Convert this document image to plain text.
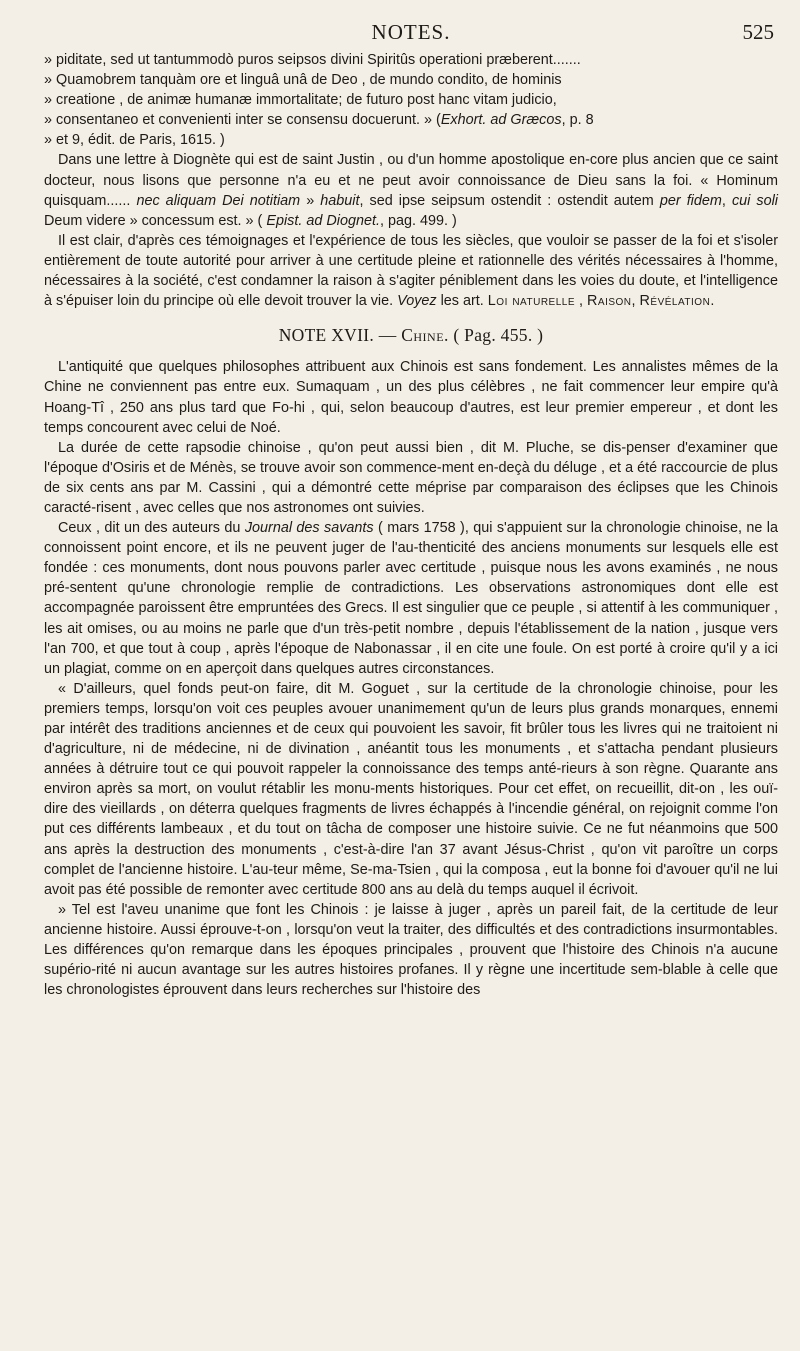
NOTES.	525

» piditate, sed ut tantummodò puros seipsos divini Spiritûs operationi præberent.......
» Quamobrem tanquàm ore et linguâ unâ de Deo , de mundo condito, de hominis
» creatione , de animæ humanæ immortalitate; de futuro post hanc vitam judicio,
» consentaneo et convenienti inter se consensu docuerunt. » (Exhort. ad Græcos, p. 8
» et 9, édit. de Paris, 1615. )

Dans une lettre à Diognète qui est de saint Justin , ou d'un homme apostolique en-core plus ancien que ce saint docteur, nous lisons que personne n'a eu et ne peut avoir connoissance de Dieu sans la foi. « Hominum quisquam...... nec aliquam Dei notitiam » habuit, sed ipse seipsum ostendit : ostendit autem per fidem, cui soli Deum videre » concessum est. » ( Epist. ad Diognet., pag. 499. )

Il est clair, d'après ces témoignages et l'expérience de tous les siècles, que vouloir se passer de la foi et s'isoler entièrement de toute autorité pour arriver à une certitude pleine et rationnelle des vérités nécessaires à l'homme, nécessaires à la société, c'est condamner la raison à s'agiter péniblement dans les voies du doute, et l'intelligence à s'épuiser loin du principe où elle devoit trouver la vie. Voyez les art. Loi naturelle , Raison, Révélation.

NOTE XVII. — Chine. ( Pag. 455. )

L'antiquité que quelques philosophes attribuent aux Chinois est sans fondement. Les annalistes mêmes de la Chine ne conviennent pas entre eux. Sumaquam , un des plus célèbres , ne fait commencer leur empire qu'à Hoang-Tî , 250 ans plus tard que Fo-hi , qui, selon beaucoup d'autres, est leur premier empereur , et dont les temps concourent avec celui de Noé.

La durée de cette rapsodie chinoise , qu'on peut aussi bien , dit M. Pluche, se dis-penser d'examiner que l'époque d'Osiris et de Ménès, se trouve avoir son commence-ment en-deçà du déluge , et a été raccourcie de plus de six cents ans par M. Cassini , qui a démontré cette méprise par comparaison des éclipses que les Chinois caracté-risent , avec celles que nos astronomes ont suivies.

Ceux , dit un des auteurs du Journal des savants ( mars 1758 ), qui s'appuient sur la chronologie chinoise, ne la connoissent point encore, et ils ne peuvent juger de l'au-thenticité des anciens monuments sur lesquels elle est fondée : ces monuments, dont nous pouvons parler avec certitude , puisque nous les avons examinés , ne nous pré-sentent qu'une chronologie remplie de contradictions. Les observations astronomiques dont elle est accompagnée paroissent être empruntées des Grecs. Il est singulier que ce peuple , si attentif à les communiquer , les ait omises, ou au moins ne parle que d'un très-petit nombre , depuis l'établissement de la nation , jusque vers l'an 700, et que tout à coup , après l'époque de Nabonassar , il en cite une foule. On est porté à croire qu'il y a ici un plagiat, comme on en aperçoit dans quelques autres circonstances.

« D'ailleurs, quel fonds peut-on faire, dit M. Goguet , sur la certitude de la chronologie chinoise, pour les premiers temps, lorsqu'on voit ces peuples avouer unanimement qu'un de leurs plus grands monarques, ennemi par intérêt des traditions anciennes et de ceux qui pouvoient les savoir, fit brûler tous les livres qui ne traitoient ni d'agriculture, ni de médecine, ni de divination , anéantit tous les monuments , et s'attacha pendant plusieurs années à détruire tout ce qui pouvoit rappeler la connoissance des temps anté-rieurs à son règne. Quarante ans environ après sa mort, on voulut rétablir les monu-ments historiques. Pour cet effet, on recueillit, dit-on , les ouï-dire des vieillards , on déterra quelques fragments de livres échappés à l'incendie général, on rejoignit comme l'on put ces différents lambeaux , et du tout on tâcha de composer une histoire suivie. Ce ne fut néanmoins que 500 ans après la destruction des monuments , c'est-à-dire l'an 37 avant Jésus-Christ , qu'on vit paroître un corps complet de l'ancienne histoire. L'au-teur même, Se-ma-Tsien , qui la composa , eut la bonne foi d'avouer qu'il ne lui avoit pas été possible de remonter avec certitude 800 ans au delà du temps auquel il écrivoit.

» Tel est l'aveu unanime que font les Chinois : je laisse à juger , après un pareil fait, de la certitude de leur ancienne histoire. Aussi éprouve-t-on , lorsqu'on veut la traiter, des difficultés et des contradictions insurmontables. Les différences qu'on remarque dans les époques principales , prouvent que l'histoire des Chinois n'a aucune supério-rité ni aucun avantage sur les autres histoires profanes. Il y règne une incertitude sem-blable à celle que les chronologistes éprouvent dans leurs recherches sur l'histoire des
